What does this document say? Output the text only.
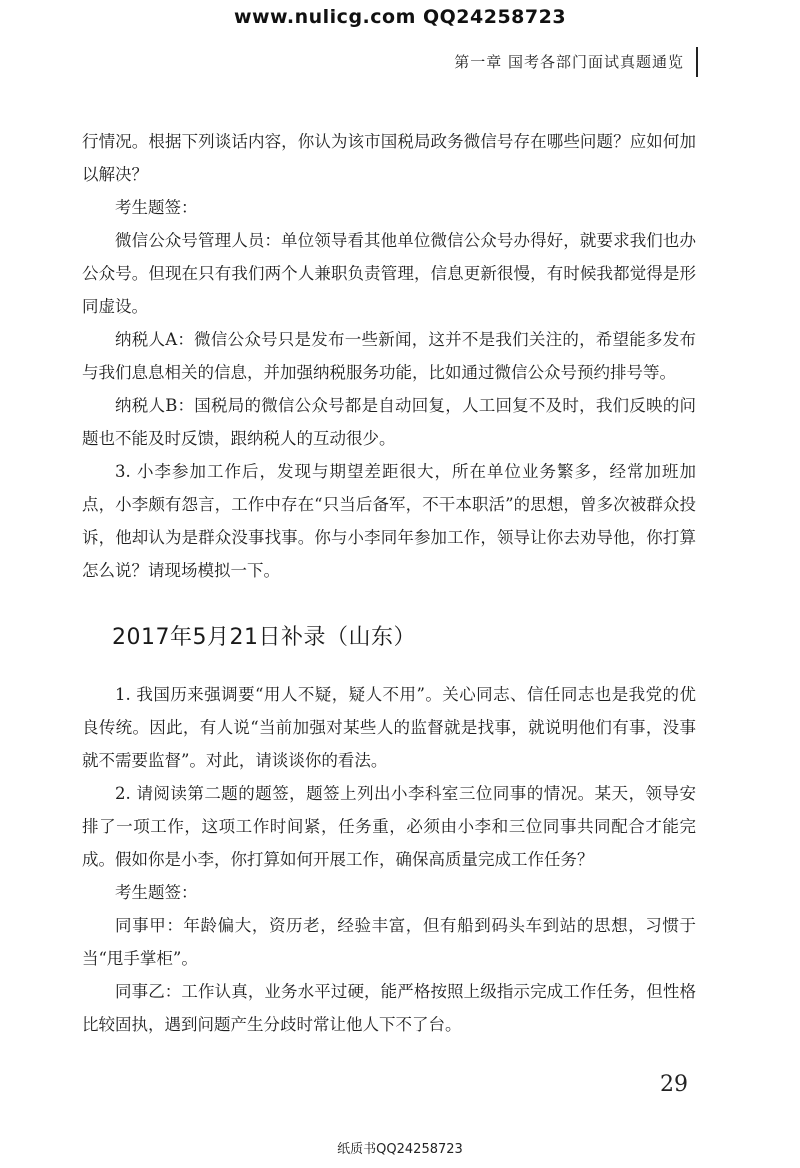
www.nulicg.com QQ24258723
第一章 国考各部门面试真题通览

行情况。根据下列谈话内容，你认为该市国税局政务微信号存在哪些问题？应如何加以解决？

考生题签：

微信公众号管理人员：单位领导看其他单位微信公众号办得好，就要求我们也办公众号。但现在只有我们两个人兼职负责管理，信息更新很慢，有时候我都觉得是形同虚设。

纳税人A：微信公众号只是发布一些新闻，这并不是我们关注的，希望能多发布与我们息息相关的信息，并加强纳税服务功能，比如通过微信公众号预约排号等。

纳税人B：国税局的微信公众号都是自动回复，人工回复不及时，我们反映的问题也不能及时反馈，跟纳税人的互动很少。

3. 小李参加工作后，发现与期望差距很大，所在单位业务繁多，经常加班加点，小李颇有怨言，工作中存在“只当后备军，不干本职活”的思想，曾多次被群众投诉，他却认为是群众没事找事。你与小李同年参加工作，领导让你去劝导他，你打算怎么说？请现场模拟一下。

2017年5月21日补录（山东）

1. 我国历来强调要“用人不疑，疑人不用”。关心同志、信任同志也是我党的优良传统。因此，有人说“当前加强对某些人的监督就是找事，就说明他们有事，没事就不需要监督”。对此，请谈谈你的看法。

2. 请阅读第二题的题签，题签上列出小李科室三位同事的情况。某天，领导安排了一项工作，这项工作时间紧，任务重，必须由小李和三位同事共同配合才能完成。假如你是小李，你打算如何开展工作，确保高质量完成工作任务？

考生题签：

同事甲：年龄偏大，资历老，经验丰富，但有船到码头车到站的思想，习惯于当“甩手掌柜”。

同事乙：工作认真，业务水平过硬，能严格按照上级指示完成工作任务，但性格比较固执，遇到问题产生分歧时常让他人下不了台。

29
纸质书QQ24258723
